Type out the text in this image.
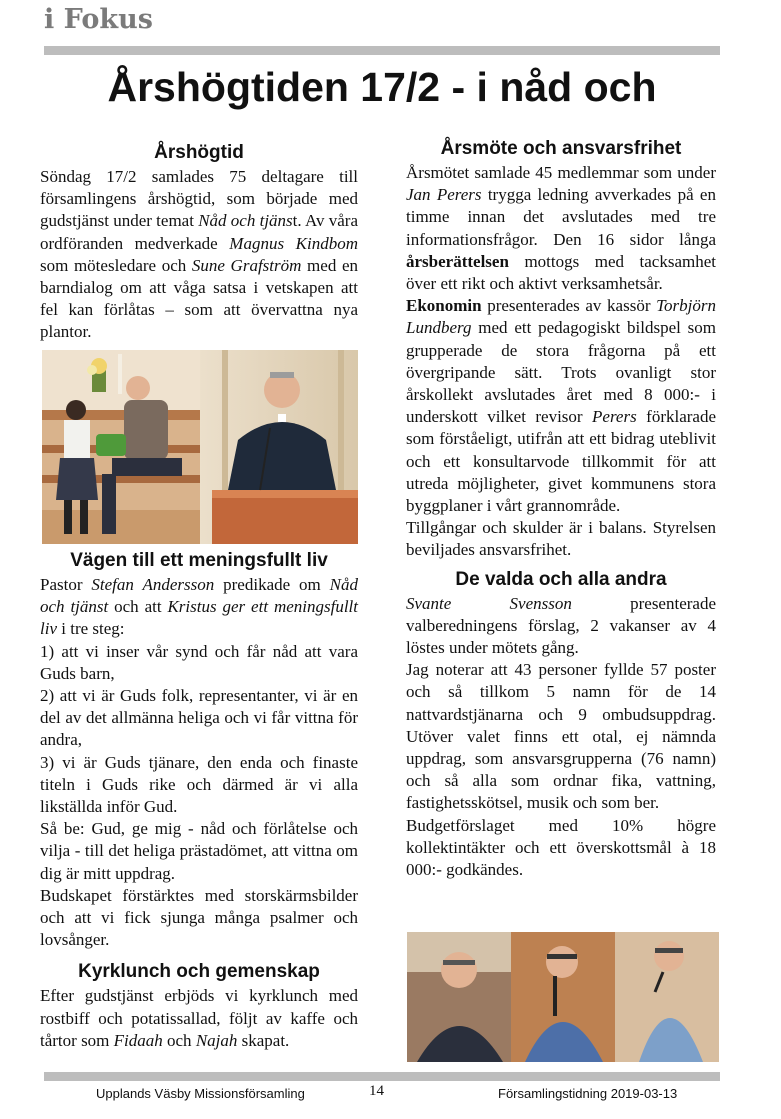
i Fokus
Årshögtiden 17/2 - i nåd och
Årshögtid

Söndag 17/2 samlades 75 deltagare till församlingens årshögtid, som började med gudstjänst under temat Nåd och tjänst. Av våra ordföranden medverkade Magnus Kindbom som mötesledare och Sune Grafström med en barndialog om att våga satsa i vetskapen att fel kan förlåtas – som att övervattna nya plantor.

Vägen till ett meningsfullt liv

Pastor Stefan Andersson predikade om Nåd och tjänst och att Kristus ger ett meningsfullt liv i tre steg:

1) att vi inser vår synd och får nåd att vara Guds barn,

2) att vi är Guds folk, representanter, vi är en del av det allmänna heliga och vi får vittna för andra,

3) vi är Guds tjänare, den enda och finaste titeln i Guds rike och därmed är vi alla likställda inför Gud.

Så be: Gud, ge mig - nåd och förlåtelse och vilja - till det heliga prästadömet, att vittna om dig är mitt uppdrag.

Budskapet förstärktes med storskärmsbilder och att vi fick sjunga många psalmer och lovsånger.

Kyrklunch och gemenskap

Efter gudstjänst erbjöds vi kyrklunch med rostbiff och potatissallad, följt av kaffe och tårtor som Fidaah och Najah skapat.

Årsmöte och ansvarsfrihet

Årsmötet samlade 45 medlemmar som under Jan Perers trygga ledning avverkades på en timme innan det avslutades med tre informationsfrågor. Den 16 sidor långa årsberättelsen mottogs med tacksamhet över ett rikt och aktivt verksamhetsår.

Ekonomin presenterades av kassör Torbjörn Lundberg med ett pedagogiskt bildspel som grupperade de stora frågorna på ett övergripande sätt. Trots ovanligt stor årskollekt avslutades året med 8 000:- i underskott vilket revisor Perers förklarade som förståeligt, utifrån att ett bidrag uteblivit och ett konsultarvode tillkommit för att utreda möjligheter, givet kommunens stora byggplaner i vårt grannområde.

Tillgångar och skulder är i balans. Styrelsen beviljades ansvarsfrihet.

De valda och alla andra

Svante Svensson presenterade valberedningens förslag, 2 vakanser av 4 löstes under mötets gång.

Jag noterar att 43 personer fyllde 57 poster och så tillkom 5 namn för de 14 nattvardstjänarna och 9 ombudsuppdrag. Utöver valet finns ett otal, ej nämnda uppdrag, som ansvarsgrupperna (76 namn) och så alla som ordnar fika, vattning, fastighetsskötsel, musik och som ber.

Budgetförslaget med 10% högre kollektintäkter och ett överskottsmål à 18 000:- godkändes.

Upplands Väsby Missionsförsamling	14	Församlingstidning 2019-03-13
